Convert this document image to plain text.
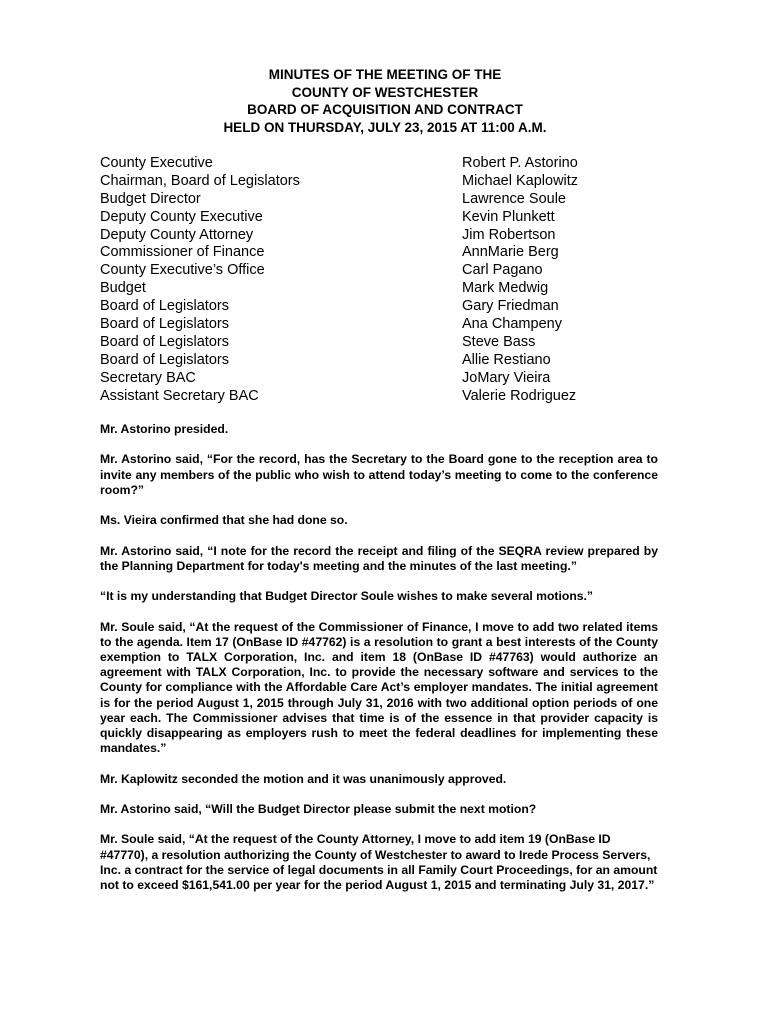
MINUTES OF THE MEETING OF THE
COUNTY OF WESTCHESTER
BOARD OF ACQUISITION AND CONTRACT
HELD ON THURSDAY, JULY 23, 2015 AT 11:00 A.M.
County Executive	Robert P. Astorino
Chairman, Board of Legislators	Michael Kaplowitz
Budget Director	Lawrence Soule
Deputy County Executive	Kevin Plunkett
Deputy County Attorney	Jim Robertson
Commissioner of Finance	AnnMarie Berg
County Executive’s Office	Carl Pagano
Budget	Mark Medwig
Board of Legislators	Gary Friedman
Board of Legislators	Ana Champeny
Board of Legislators	Steve Bass
Board of Legislators	Allie Restiano
Secretary BAC	JoMary Vieira
Assistant Secretary BAC	Valerie Rodriguez

Mr. Astorino presided.

Mr. Astorino said, “For the record, has the Secretary to the Board gone to the reception area to invite any members of the public who wish to attend today’s meeting to come to the conference room?”

Ms. Vieira confirmed that she had done so.

Mr. Astorino said, “I note for the record the receipt and filing of the SEQRA review prepared by the Planning Department for today's meeting and the minutes of the last meeting.”

“It is my understanding that Budget Director Soule wishes to make several motions.”

Mr. Soule said, “At the request of the Commissioner of Finance, I move to add two related items to the agenda. Item 17 (OnBase ID #47762) is a resolution to grant a best interests of the County exemption to TALX Corporation, Inc. and item 18 (OnBase ID #47763) would authorize an agreement with TALX Corporation, Inc. to provide the necessary software and services to the County for compliance with the Affordable Care Act’s employer mandates. The initial agreement is for the period August 1, 2015 through July 31, 2016 with two additional option periods of one year each. The Commissioner advises that time is of the essence in that provider capacity is quickly disappearing as employers rush to meet the federal deadlines for implementing these mandates.”

Mr. Kaplowitz seconded the motion and it was unanimously approved.

Mr. Astorino said, “Will the Budget Director please submit the next motion?

Mr. Soule said, “At the request of the County Attorney, I move to add item 19 (OnBase ID #47770), a resolution authorizing the County of Westchester to award to Irede Process Servers, Inc. a contract for the service of legal documents in all Family Court Proceedings, for an amount not to exceed $161,541.00 per year for the period August 1, 2015 and terminating July 31, 2017.”
